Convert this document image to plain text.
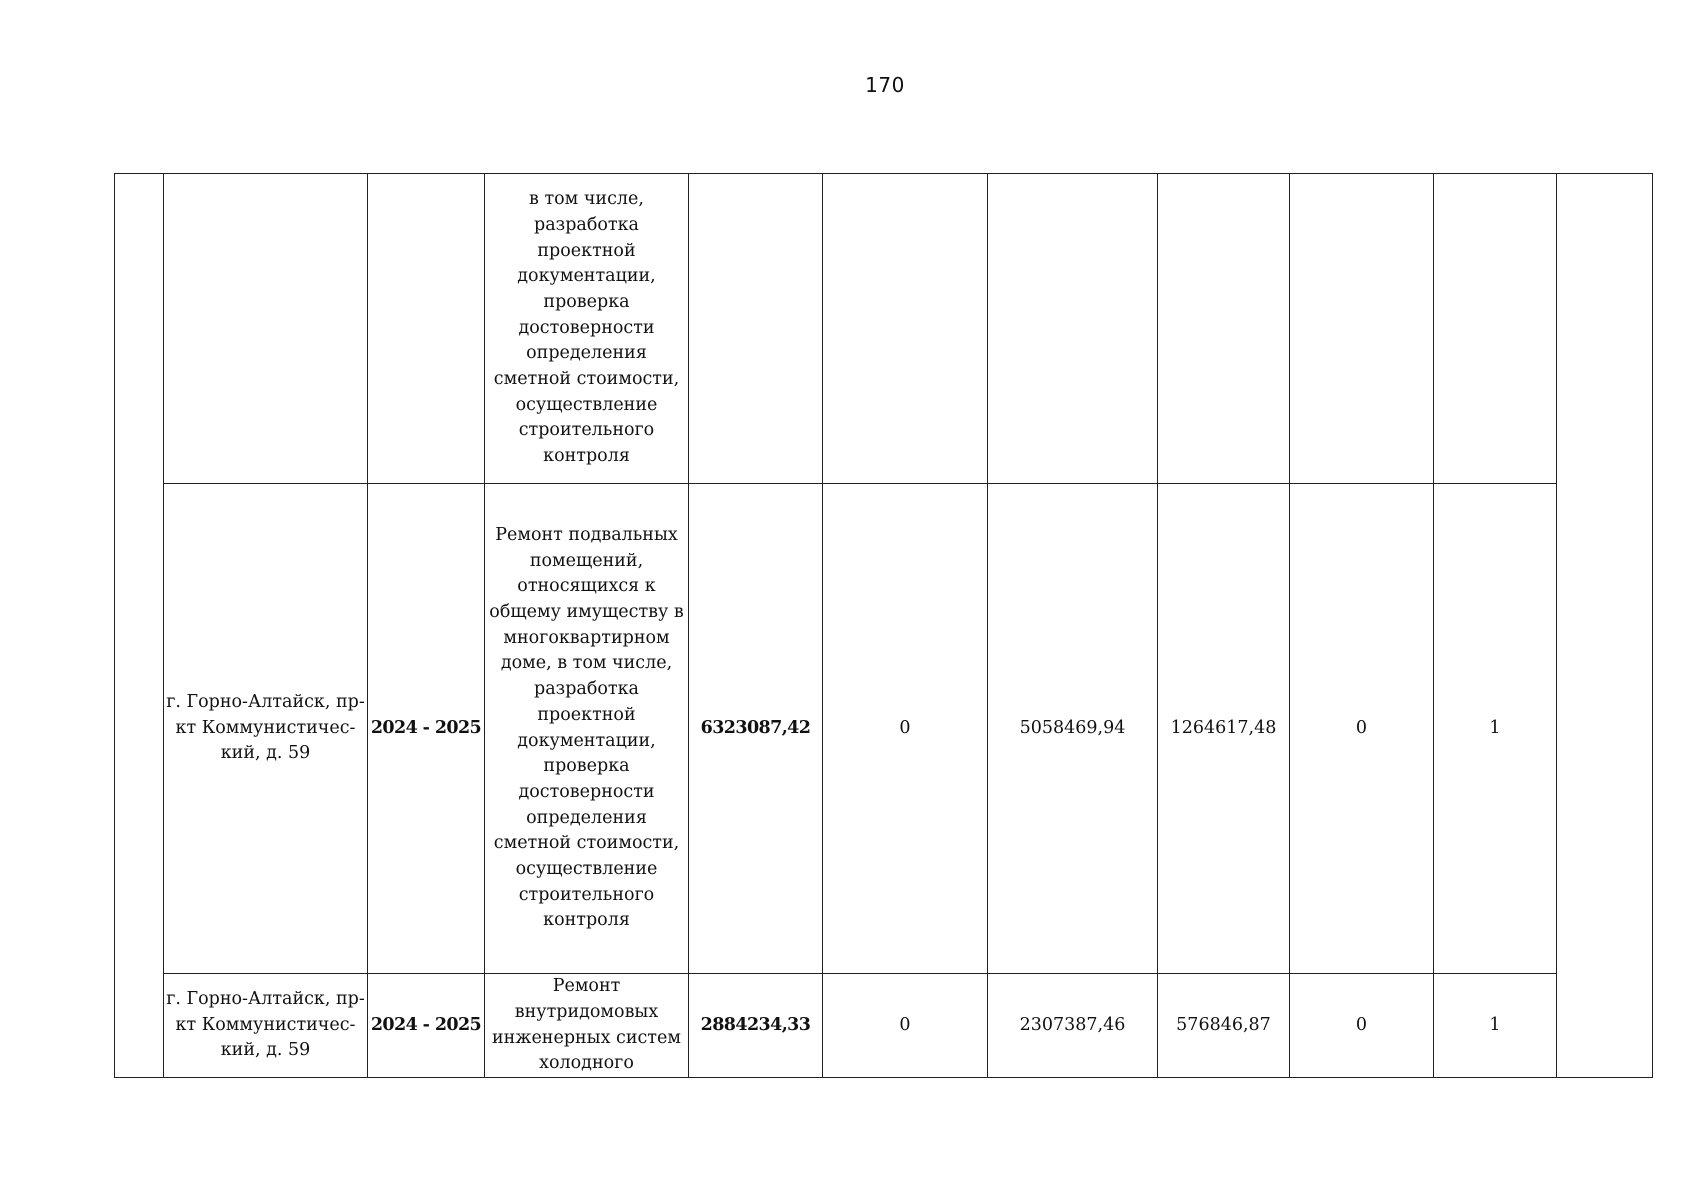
170
			в том числе, разработка проектной документации, проверка достоверности определения сметной стоимости, осуществление строительного контроля							
	г. Горно-Алтайск, пр-кт Коммунистичес-кий, д. 59	2024 - 2025	Ремонт подвальных помещений, относящихся к общему имуществу в многоквартирном доме, в том числе, разработка проектной документации, проверка достоверности определения сметной стоимости, осуществление строительного контроля	6323087,42	0	5058469,94	1264617,48	0	1	
	г. Горно-Алтайск, пр-кт Коммунистичес-кий, д. 59	2024 - 2025	Ремонт внутридомовых инженерных систем холодного	2884234,33	0	2307387,46	576846,87	0	1	
